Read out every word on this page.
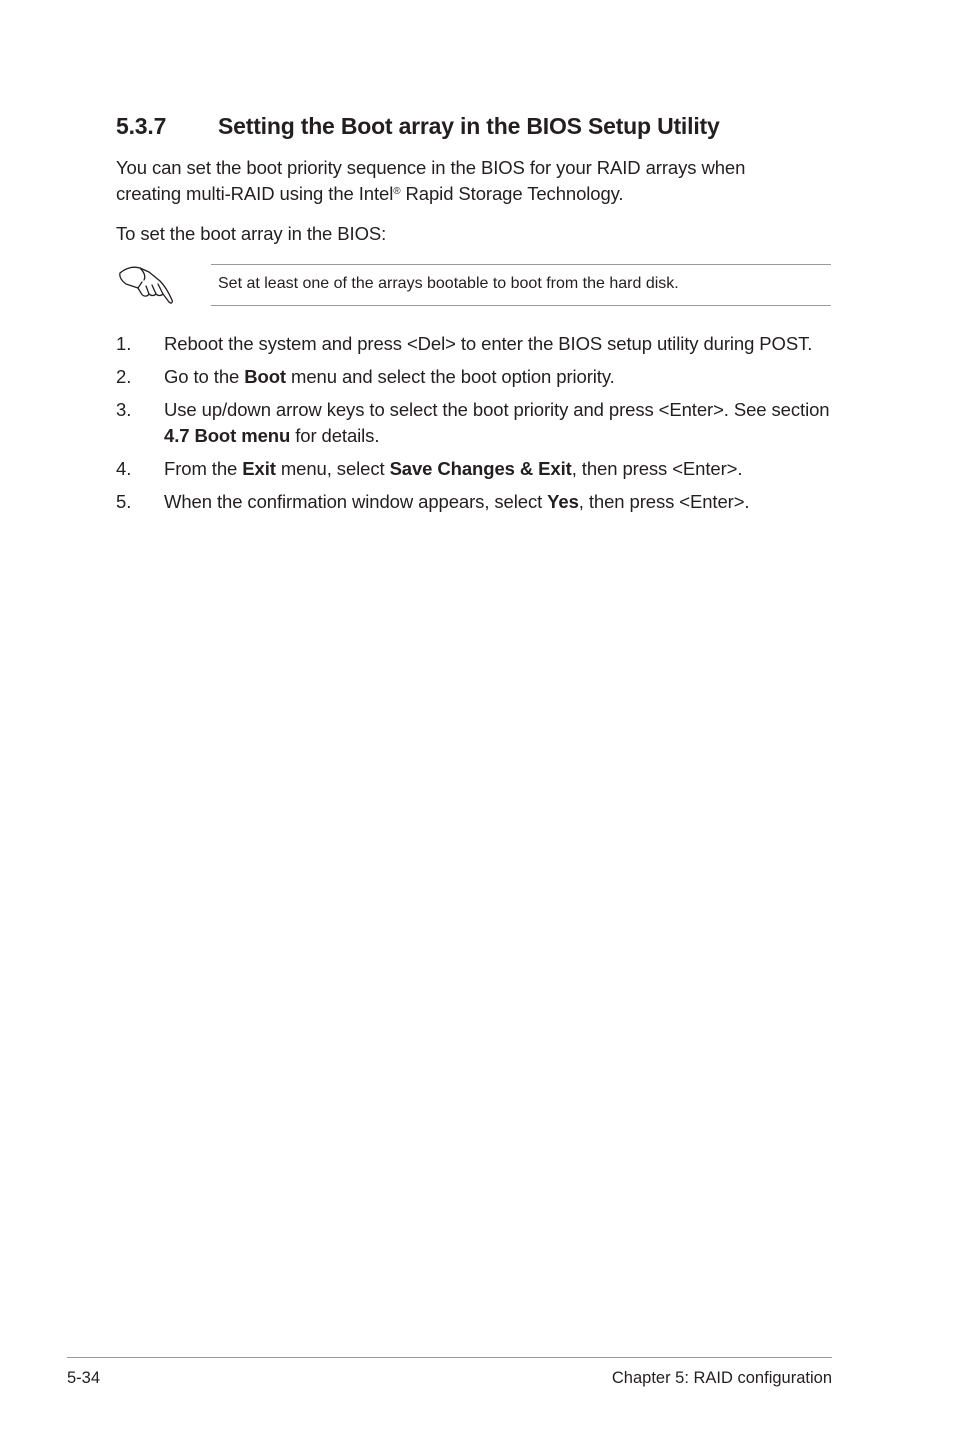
5.3.7 Setting the Boot array in the BIOS Setup Utility

You can set the boot priority sequence in the BIOS for your RAID arrays when
creating multi-RAID using the Intel® Rapid Storage Technology.

To set the boot array in the BIOS:

Set at least one of the arrays bootable to boot from the hard disk.
1. Reboot the system and press <Del> to enter the BIOS setup utility during POST.
2. Go to the Boot menu and select the boot option priority.
3. Use up/down arrow keys to select the boot priority and press <Enter>. See section 4.7 Boot menu for details.
4. From the Exit menu, select Save Changes & Exit, then press <Enter>.
5. When the confirmation window appears, select Yes, then press <Enter>.
5-34	Chapter 5: RAID configuration
